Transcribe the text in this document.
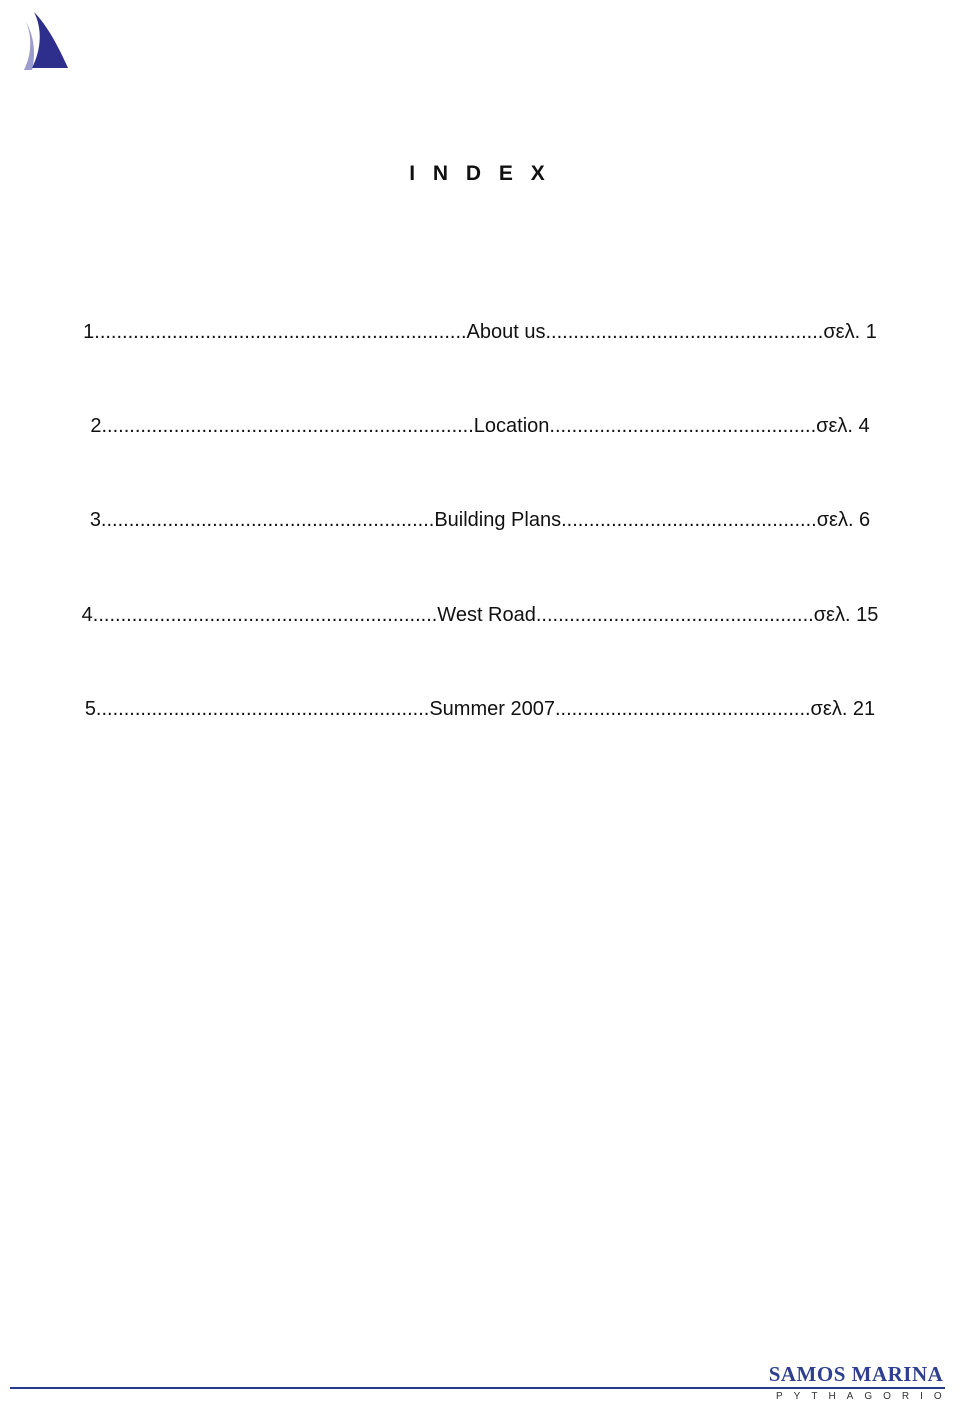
I N D E X
1...................................................................About us..................................................σελ. 1
2...................................................................Location................................................σελ. 4
3............................................................Building Plans..............................................σελ. 6
4..............................................................West Road..................................................σελ. 15
5............................................................Summer 2007..............................................σελ. 21
SAMOS MARINA
PYTHAGORIO
